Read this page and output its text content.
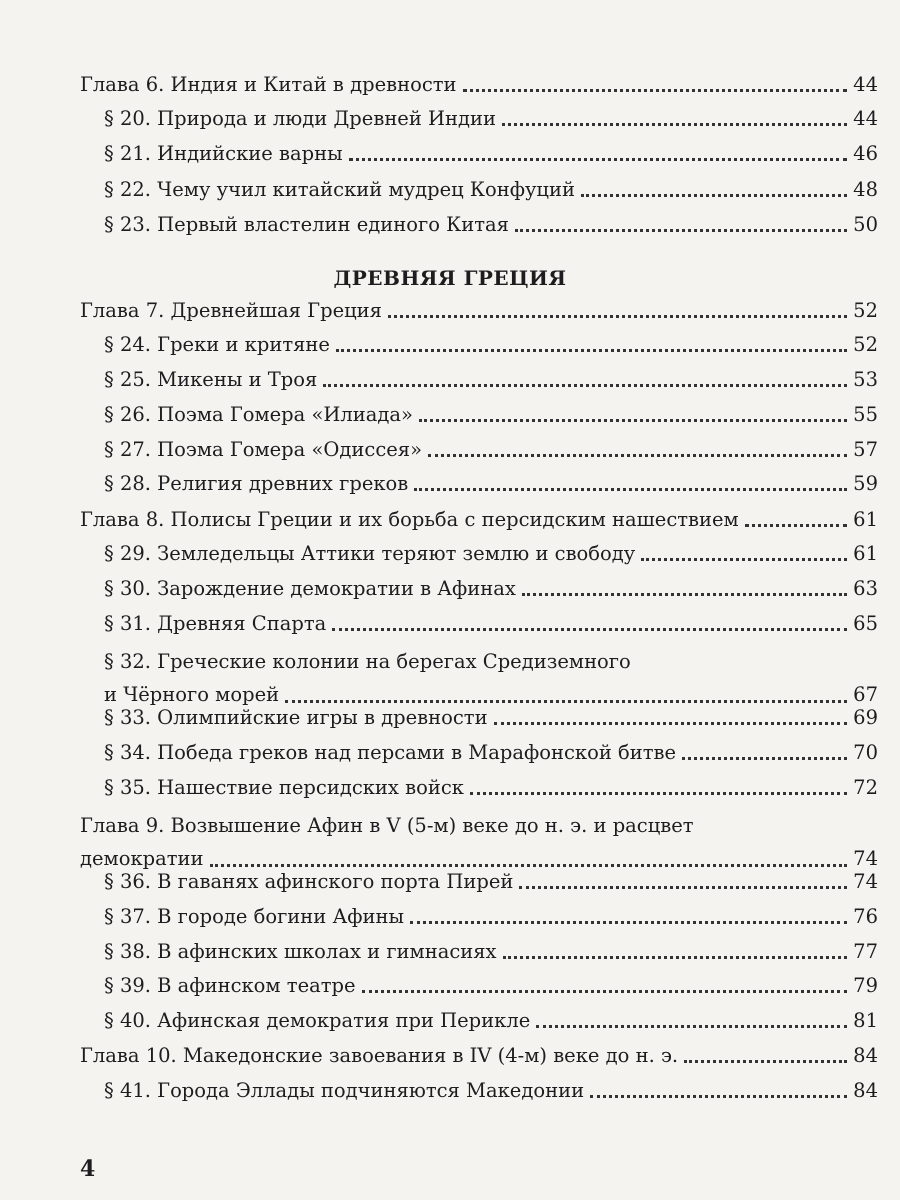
Глава 6. Индия и Китай в древности	44
§ 20. Природа и люди Древней Индии	44
§ 21. Индийские варны	46
§ 22. Чему учил китайский мудрец Конфуций	48
§ 23. Первый властелин единого Китая	50
ДРЕВНЯЯ ГРЕЦИЯ
Глава 7. Древнейшая Греция	52
§ 24. Греки и критяне	52
§ 25. Микены и Троя	53
§ 26. Поэма Гомера «Илиада»	55
§ 27. Поэма Гомера «Одиссея»	57
§ 28. Религия древних греков	59
Глава 8. Полисы Греции и их борьба с персидским нашествием	61
§ 29. Земледельцы Аттики теряют землю и свободу	61
§ 30. Зарождение демократии в Афинах	63
§ 31. Древняя Спарта	65
§ 32. Греческие колонии на берегах Средиземного
и Чёрного морей	67
§ 33. Олимпийские игры в древности	69
§ 34. Победа греков над персами в Марафонской битве	70
§ 35. Нашествие персидских войск	72
Глава 9. Возвышение Афин в V (5-м) веке до н. э. и расцвет
демократии	74
§ 36. В гаванях афинского порта Пирей	74
§ 37. В городе богини Афины	76
§ 38. В афинских школах и гимнасиях	77
§ 39. В афинском театре	79
§ 40. Афинская демократия при Перикле	81
Глава 10. Македонские завоевания в IV (4-м) веке до н. э.	84
§ 41. Города Эллады подчиняются Македонии	84
4
